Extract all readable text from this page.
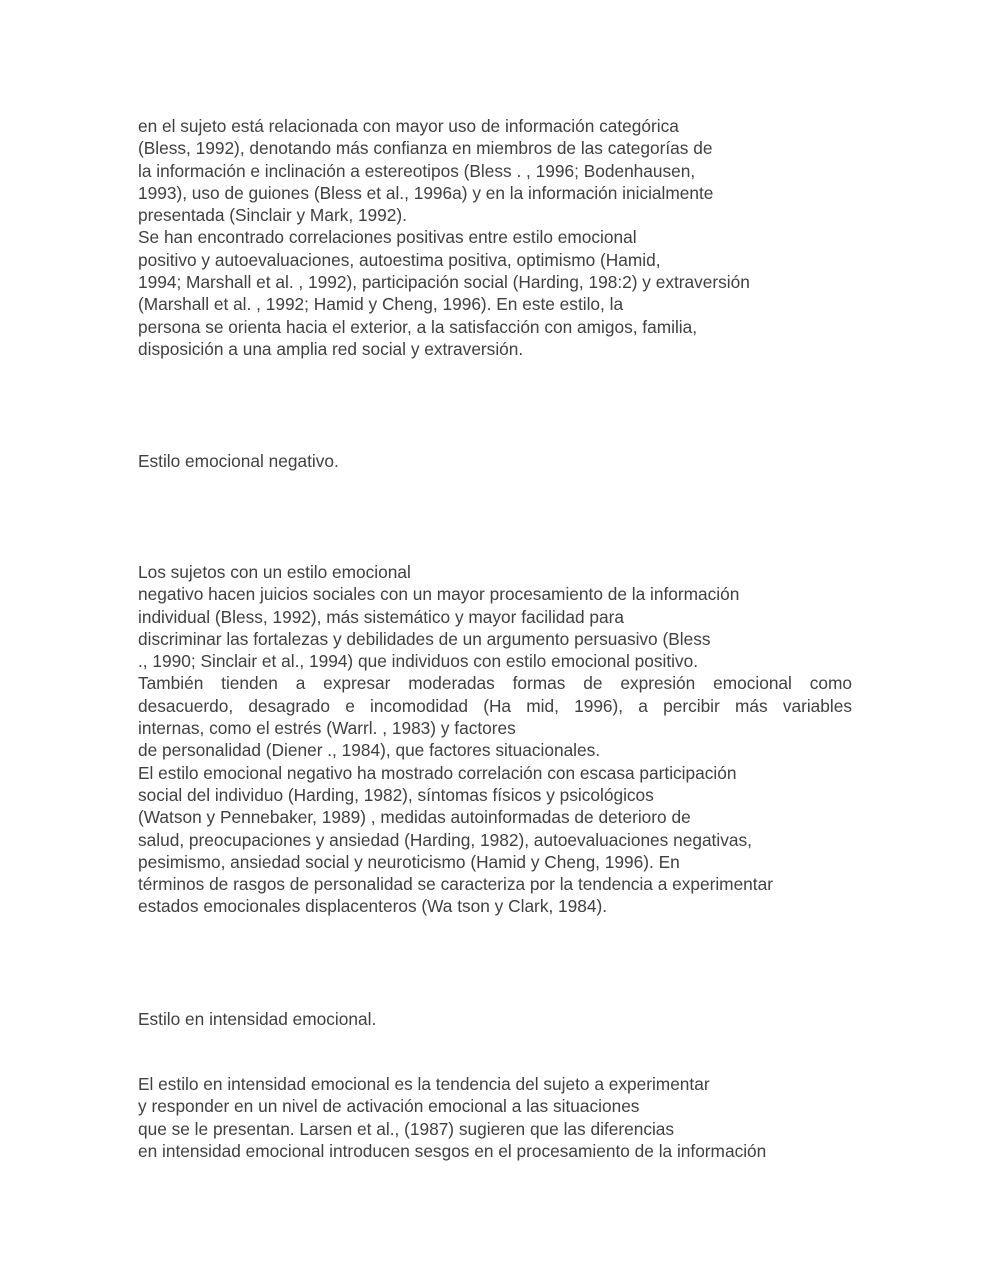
en el sujeto está relacionada con mayor uso de información categórica
(Bless, 1992), denotando más confianza en miembros de las categorías de
la información e inclinación a estereotipos (Bless . , 1996; Bodenhausen,
1993), uso de guiones (Bless et al., 1996a) y en la información inicialmente
presentada (Sinclair y Mark, 1992).
Se han encontrado correlaciones positivas entre estilo emocional
positivo y autoevaluaciones, autoestima positiva, optimismo (Hamid,
1994; Marshall et al. , 1992), participación social (Harding, 198:2) y extraversión
(Marshall et al. , 1992; Hamid y Cheng, 1996). En este estilo, la
persona se orienta hacia el exterior, a la satisfacción con amigos, familia,
disposición a una amplia red social y extraversión.
Estilo emocional negativo.
Los sujetos con un estilo emocional
negativo hacen juicios sociales con un mayor procesamiento de la información
individual (Bless, 1992), más sistemático y mayor facilidad para
discriminar las fortalezas y debilidades de un argumento persuasivo (Bless
., 1990; Sinclair et al., 1994) que individuos con estilo emocional positivo.
También tienden a expresar moderadas formas de expresión emocional como
desacuerdo, desagrado e incomodidad (Ha mid, 1996), a percibir más variables
internas, como el estrés (Warrl. , 1983) y factores
de personalidad (Diener ., 1984), que factores situacionales.
El estilo emocional negativo ha mostrado correlación con escasa participación
social del individuo (Harding, 1982), síntomas físicos y psicológicos
(Watson y Pennebaker, 1989) , medidas autoinformadas de deterioro de
salud, preocupaciones y ansiedad (Harding, 1982), autoevaluaciones negativas,
pesimismo, ansiedad social y neuroticismo (Hamid y Cheng, 1996). En
términos de rasgos de personalidad se caracteriza por la tendencia a experimentar
estados emocionales displacenteros (Wa tson y Clark, 1984).
Estilo en intensidad emocional.
El estilo en intensidad emocional es la tendencia del sujeto a experimentar
y responder en un nivel de activación emocional a las situaciones
que se le presentan. Larsen et al., (1987) sugieren que las diferencias
en intensidad emocional introducen sesgos en el procesamiento de la información
